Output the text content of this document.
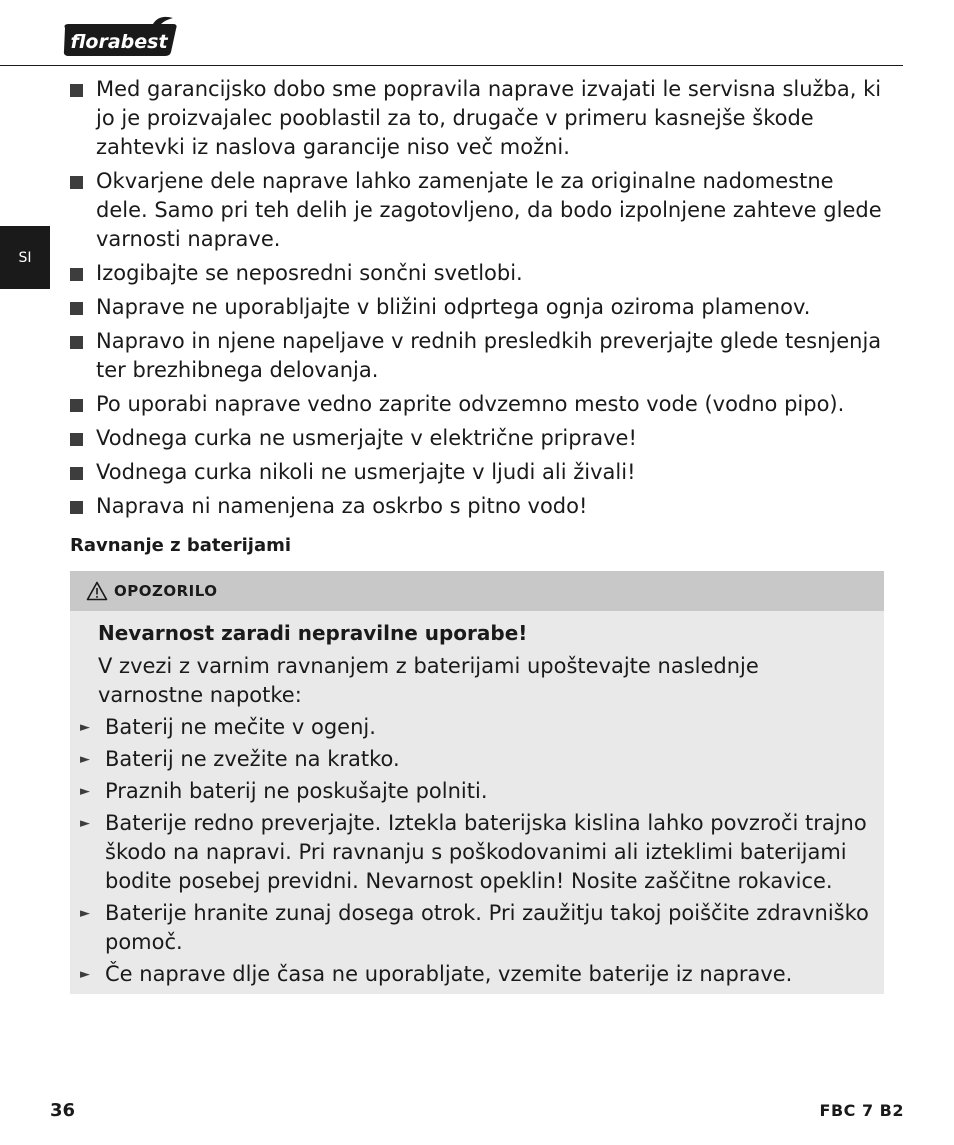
florabest
SI
Med garancijsko dobo sme popravila naprave izvajati le servisna služba, ki jo je proizvajalec pooblastil za to, drugače v primeru kasnejše škode zahtevki iz naslova garancije niso več možni.
Okvarjene dele naprave lahko zamenjate le za originalne nadomestne dele. Samo pri teh delih je zagotovljeno, da bodo izpolnjene zahteve glede varnosti naprave.
Izogibajte se neposredni sončni svetlobi.
Naprave ne uporabljajte v bližini odprtega ognja oziroma plamenov.
Napravo in njene napeljave v rednih presledkih preverjajte glede tesnjenja ter brezhibnega delovanja.
Po uporabi naprave vedno zaprite odvzemno mesto vode (vodno pipo).
Vodnega curka ne usmerjajte v električne priprave!
Vodnega curka nikoli ne usmerjajte v ljudi ali živali!
Naprava ni namenjena za oskrbo s pitno vodo!
Ravnanje z baterijami
OPOZORILO
Nevarnost zaradi nepravilne uporabe!
V zvezi z varnim ravnanjem z baterijami upoštevajte naslednje varnostne napotke:
► Baterij ne mečite v ogenj.
► Baterij ne zvežite na kratko.
► Praznih baterij ne poskušajte polniti.
► Baterije redno preverjajte. Iztekla baterijska kislina lahko povzroči trajno škodo na napravi. Pri ravnanju s poškodovanimi ali izteklimi baterijami bodite posebej previdni. Nevarnost opeklin! Nosite zaščitne rokavice.
► Baterije hranite zunaj dosega otrok. Pri zaužitju takoj poiščite zdravniško pomoč.
► Če naprave dlje časa ne uporabljate, vzemite baterije iz naprave.
36	FBC 7 B2
